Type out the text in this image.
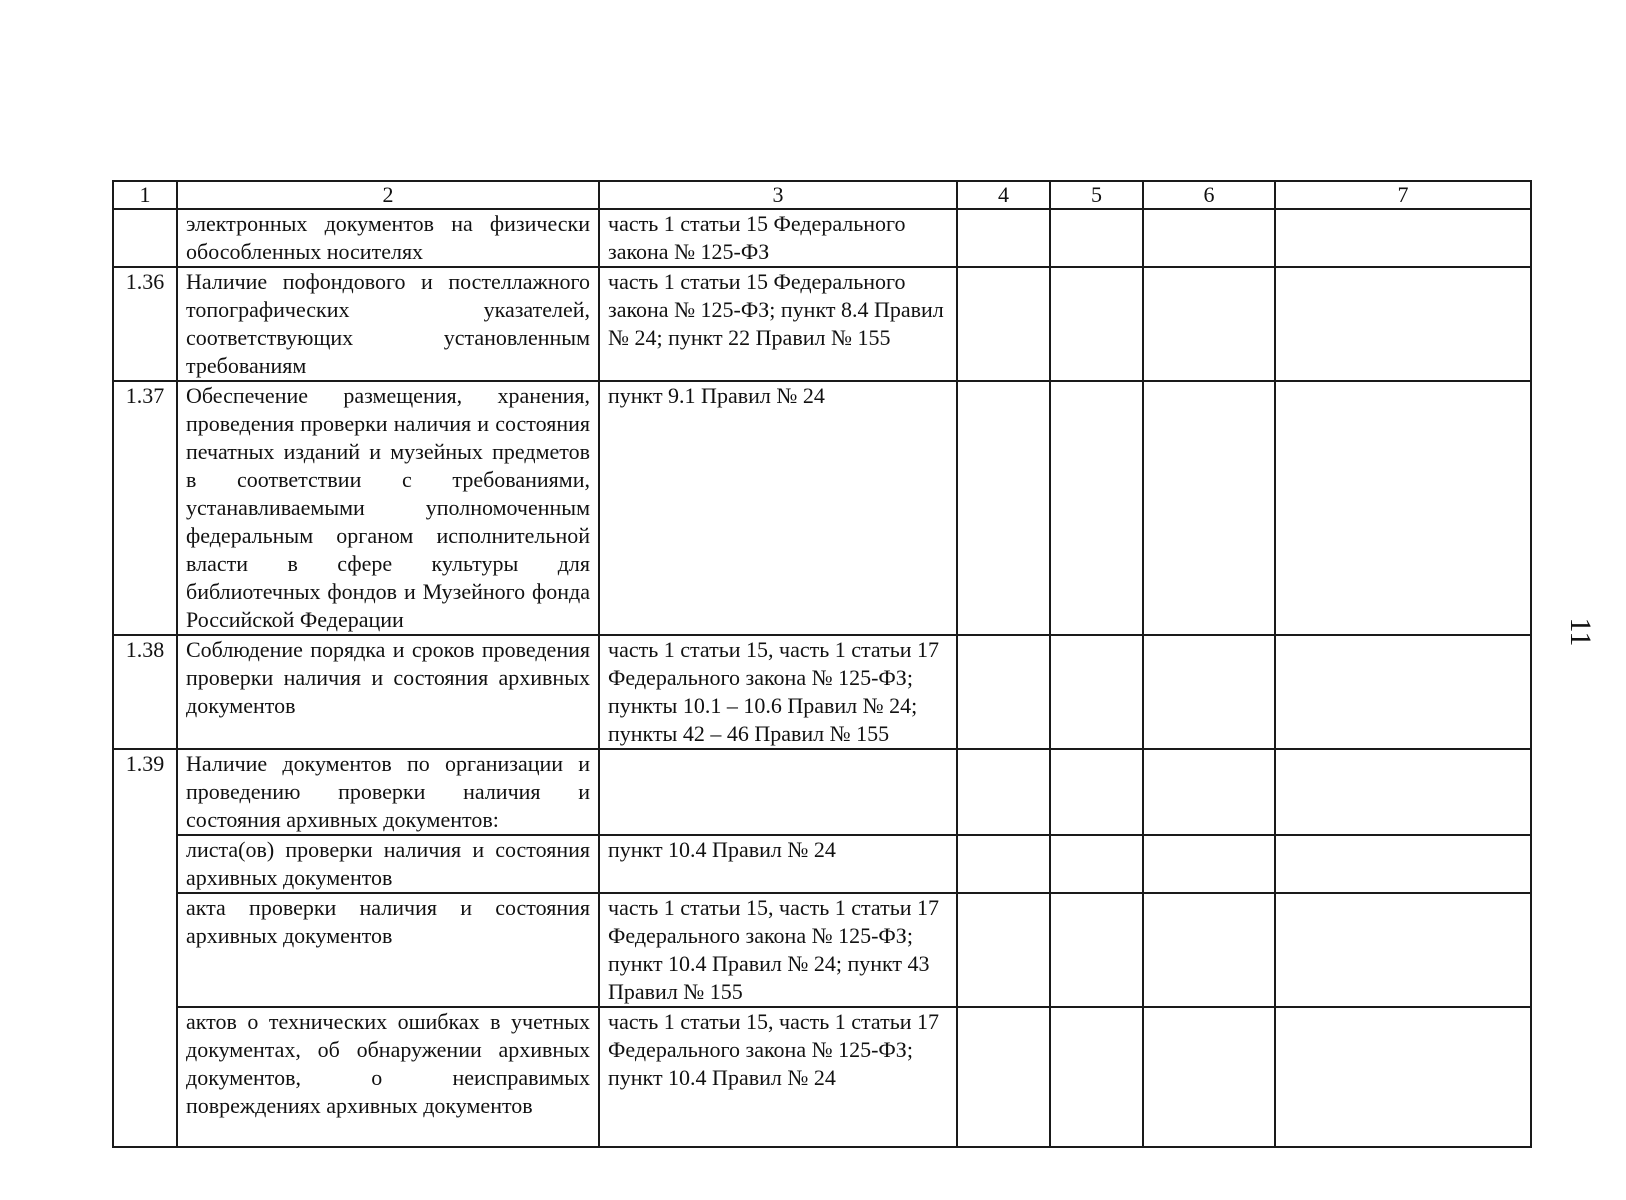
1	2	3	4	5	6	7
	электронных документов на физически обособленных носителях	часть 1 статьи 15 Федерального закона № 125-ФЗ				
1.36	Наличие пофондового и постеллажного топографических указателей, соответствующих установленным требованиям	часть 1 статьи 15 Федерального закона № 125-ФЗ; пункт 8.4 Правил № 24; пункт 22 Правил № 155				
1.37	Обеспечение размещения, хранения, проведения проверки наличия и состояния печатных изданий и музейных предметов в соответствии с требованиями, устанавливаемыми уполномоченным федеральным органом исполнительной власти в сфере культуры для библиотечных фондов и Музейного фонда Российской Федерации	пункт 9.1 Правил № 24				
1.38	Соблюдение порядка и сроков проведения проверки наличия и состояния архивных документов	часть 1 статьи 15, часть 1 статьи 17 Федерального закона № 125-ФЗ; пункты 10.1 – 10.6 Правил № 24; пункты 42 – 46 Правил № 155				
1.39	Наличие документов по организации и проведению проверки наличия и состояния архивных документов:					
	листа(ов) проверки наличия и состояния архивных документов	пункт 10.4 Правил № 24				
	акта проверки наличия и состояния архивных документов	часть 1 статьи 15, часть 1 статьи 17 Федерального закона № 125-ФЗ; пункт 10.4 Правил № 24; пункт 43 Правил № 155				
	актов о технических ошибках в учетных документах, об обнаружении архивных документов, о неисправимых повреждениях архивных документов	часть 1 статьи 15, часть 1 статьи 17 Федерального закона № 125-ФЗ; пункт 10.4 Правил № 24				
11
